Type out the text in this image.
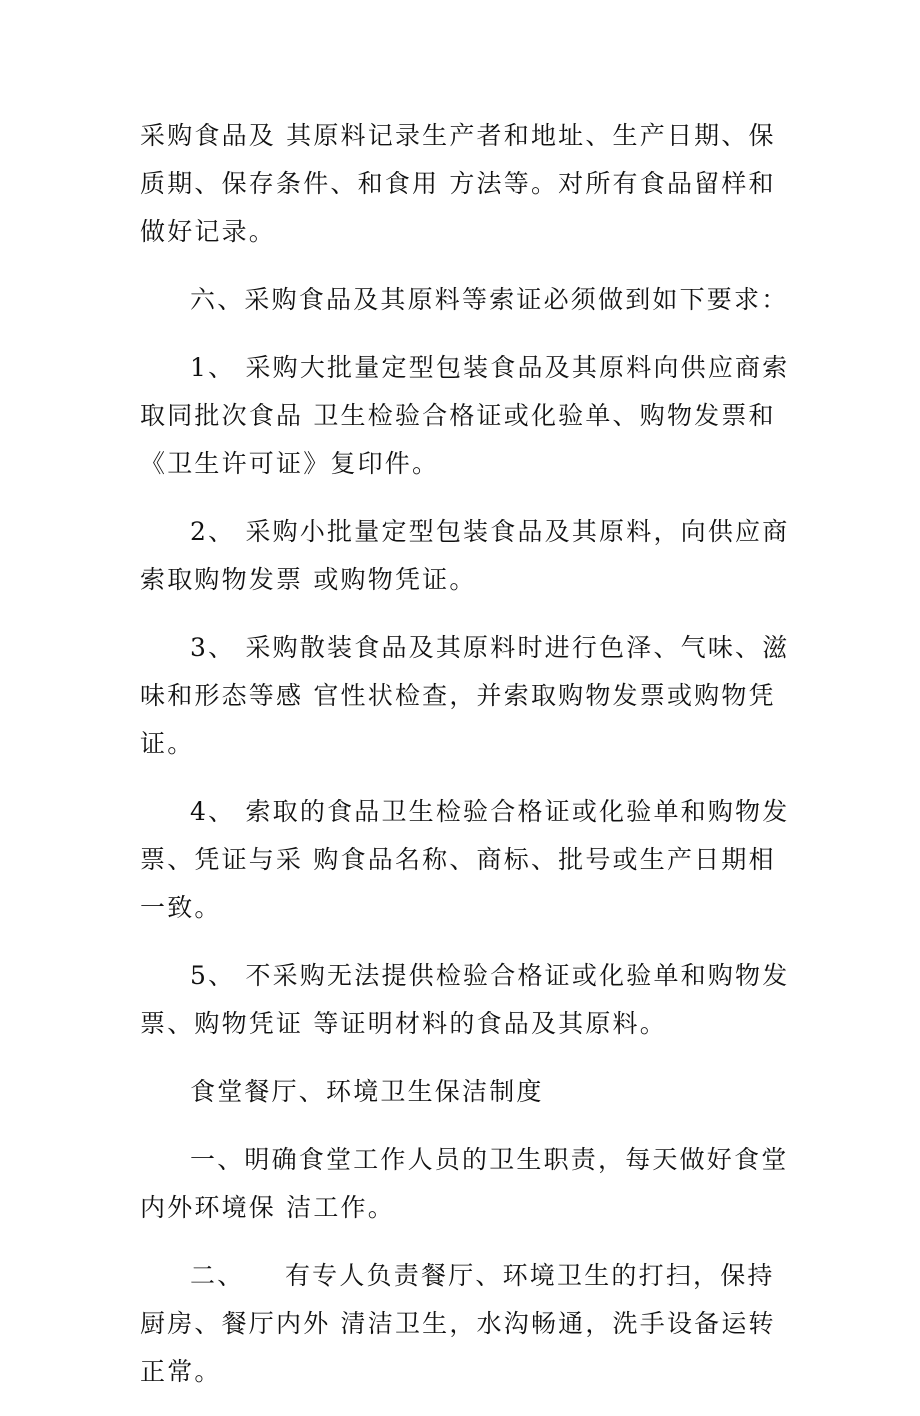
采购食品及 其原料记录生产者和地址、生产日期、保质期、保存条件、和食用 方法等。对所有食品留样和做好记录。

六、采购食品及其原料等索证必须做到如下要求：

1、 采购大批量定型包装食品及其原料向供应商索取同批次食品 卫生检验合格证或化验单、购物发票和《卫生许可证》复印件。

2、 采购小批量定型包装食品及其原料，向供应商索取购物发票 或购物凭证。

3、 采购散装食品及其原料时进行色泽、气味、滋味和形态等感 官性状检查，并索取购物发票或购物凭证。

4、 索取的食品卫生检验合格证或化验单和购物发票、凭证与采 购食品名称、商标、批号或生产日期相一致。

5、 不采购无法提供检验合格证或化验单和购物发票、购物凭证 等证明材料的食品及其原料。

食堂餐厅、环境卫生保洁制度

一、明确食堂工作人员的卫生职责，每天做好食堂内外环境保 洁工作。

二、    有专人负责餐厅、环境卫生的打扫，保持厨房、餐厅内外 清洁卫生，水沟畅通，洗手设备运转正常。
